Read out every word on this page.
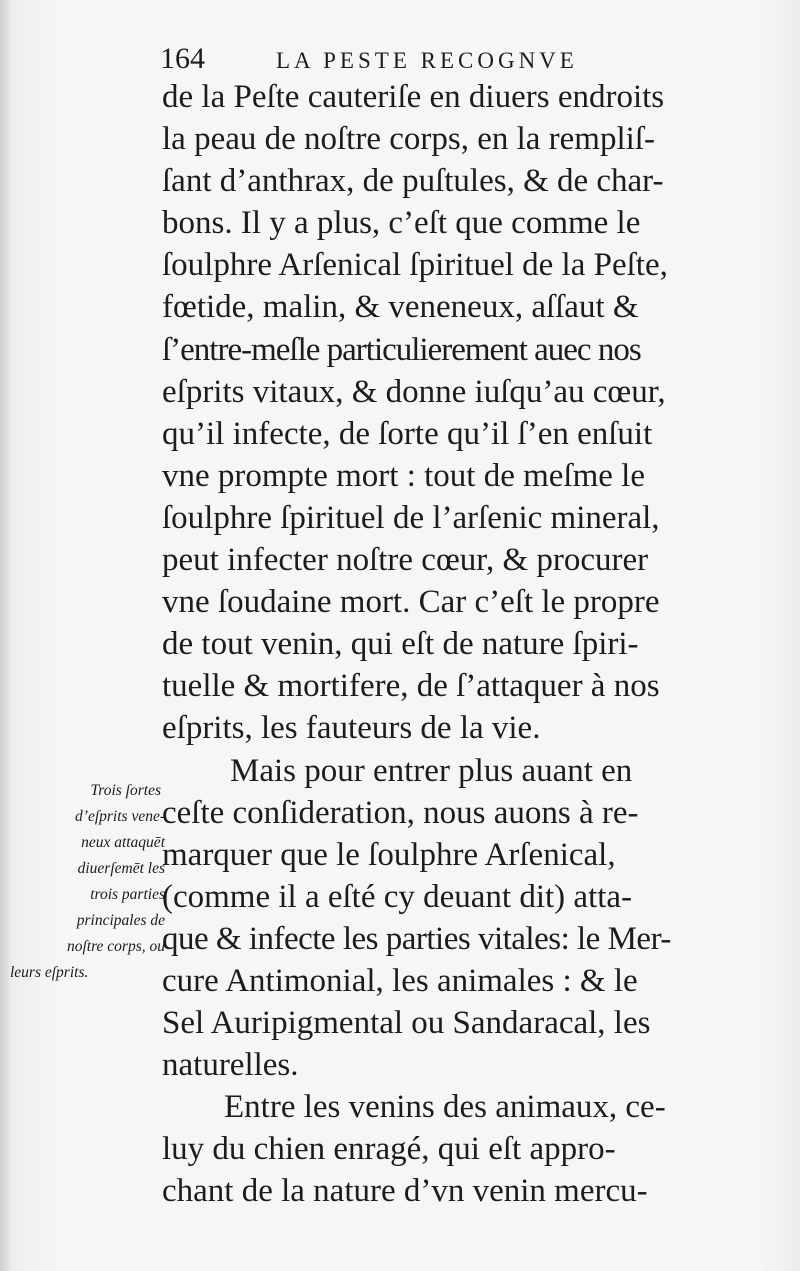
164	LA PESTE RECOGNVE
de la Peſte cauteriſe en diuers endroits
la peau de noſtre corps, en la rempliſ-
ſant d’anthrax, de puſtules, & de char-
bons. Il y a plus, c’eſt que comme le
ſoulphre Arſenical ſpirituel de la Peſte,
fœtide, malin, & veneneux, aſſaut &
ſ’entre-meſle particulierement auec nos
eſprits vitaux, & donne iuſqu’au cœur,
qu’il infecte, de ſorte qu’il ſ’en enſuit
vne prompte mort : tout de meſme le
ſoulphre ſpirituel de l’arſenic mineral,
peut infecter noſtre cœur, & procurer
vne ſoudaine mort. Car c’eſt le propre
de tout venin, qui eſt de nature ſpiri-
tuelle & mortifere, de ſ’attaquer à nos
eſprits, les fauteurs de la vie.
Mais pour entrer plus auant en
ceſte conſideration, nous auons à re-
marquer que le ſoulphre Arſenical,
(comme il a eſté cy deuant dit) atta-
que & infecte les parties vitales: le Mer-
cure Antimonial, les animales : & le
Sel Auripigmental ou Sandaracal, les
naturelles.
Entre les venins des animaux, ce-
luy du chien enragé, qui eſt appro-
chant de la nature d’vn venin mercu-
Trois ſortes
d’eſprits vene-
neux attaquēt
diuerſemēt les
trois parties
principales de
noſtre corps, ou
leurs eſprits.
